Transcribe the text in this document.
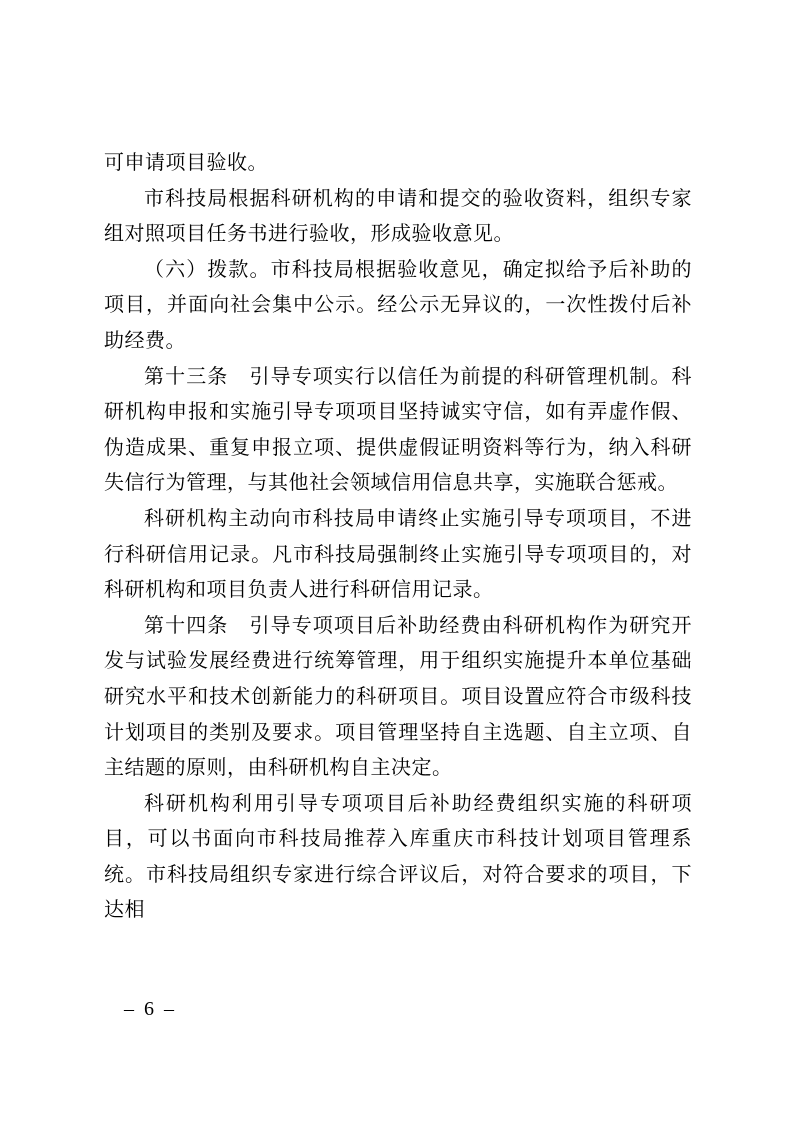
可申请项目验收。

市科技局根据科研机构的申请和提交的验收资料，组织专家组对照项目任务书进行验收，形成验收意见。

（六）拨款。市科技局根据验收意见，确定拟给予后补助的项目，并面向社会集中公示。经公示无异议的，一次性拨付后补助经费。

第十三条　引导专项实行以信任为前提的科研管理机制。科研机构申报和实施引导专项项目坚持诚实守信，如有弄虚作假、伪造成果、重复申报立项、提供虚假证明资料等行为，纳入科研失信行为管理，与其他社会领域信用信息共享，实施联合惩戒。

科研机构主动向市科技局申请终止实施引导专项项目，不进行科研信用记录。凡市科技局强制终止实施引导专项项目的，对科研机构和项目负责人进行科研信用记录。

第十四条　引导专项项目后补助经费由科研机构作为研究开发与试验发展经费进行统筹管理，用于组织实施提升本单位基础研究水平和技术创新能力的科研项目。项目设置应符合市级科技计划项目的类别及要求。项目管理坚持自主选题、自主立项、自主结题的原则，由科研机构自主决定。

科研机构利用引导专项项目后补助经费组织实施的科研项目，可以书面向市科技局推荐入库重庆市科技计划项目管理系统。市科技局组织专家进行综合评议后，对符合要求的项目，下达相

–  6  –
